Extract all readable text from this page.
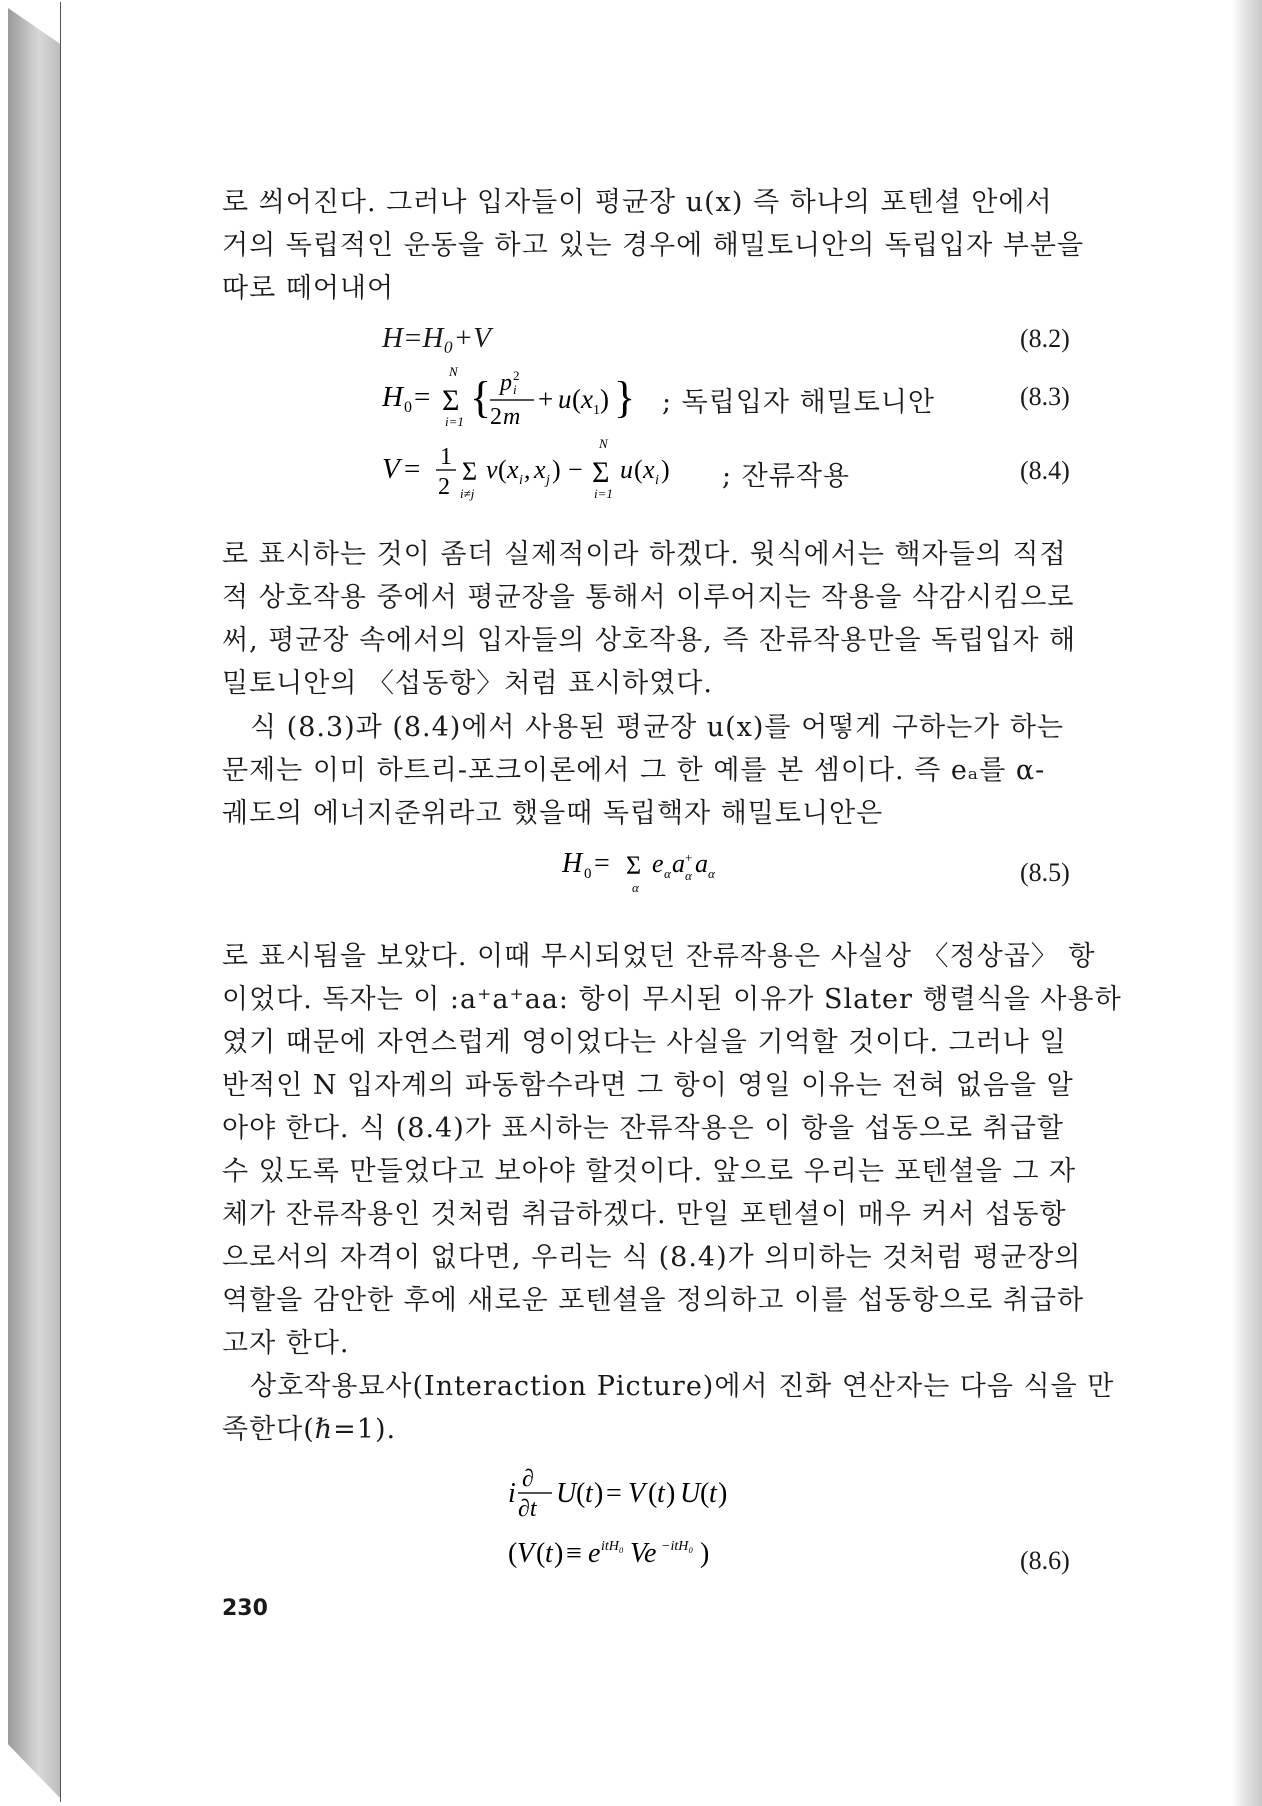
로 씌어진다. 그러나 입자들이 평균장 u(x) 즉 하나의 포텐셜 안에서
거의 독립적인 운동을 하고 있는 경우에 해밀토니안의 독립입자 부분을
따로 떼어내어
H=H₀+V	(8.2)
H 0 =
N
Σ
i=1 { p 2
i
2 m
+ u ( x 1 ) } ; 독립입자 해밀토니안	(8.3)
V = 1
2
Σ
i≠j
v ( x i , x j ) −
N
Σ
i=1
u ( x i ) ; 잔류작용	(8.4)
로 표시하는 것이 좀더 실제적이라 하겠다. 윗식에서는 핵자들의 직접
적 상호작용 중에서 평균장을 통해서 이루어지는 작용을 삭감시킴으로
써, 평균장 속에서의 입자들의 상호작용, 즉 잔류작용만을 독립입자 해
밀토니안의 〈섭동항〉처럼 표시하였다.
식 (8.3)과 (8.4)에서 사용된 평균장 u(x)를 어떻게 구하는가 하는
문제는 이미 하트리-포크이론에서 그 한 예를 본 셈이다. 즉 eₐ를 α-
궤도의 에너지준위라고 했을때 독립핵자 해밀토니안은
H 0 = Σ
α
e α a +
α a α	(8.5)
로 표시됨을 보았다. 이때 무시되었던 잔류작용은 사실상 〈정상곱〉 항
이었다. 독자는 이 :a⁺a⁺aa: 항이 무시된 이유가 Slater 행렬식을 사용하
였기 때문에 자연스럽게 영이었다는 사실을 기억할 것이다. 그러나 일
반적인 N 입자계의 파동함수라면 그 항이 영일 이유는 전혀 없음을 알
아야 한다. 식 (8.4)가 표시하는 잔류작용은 이 항을 섭동으로 취급할
수 있도록 만들었다고 보아야 할것이다. 앞으로 우리는 포텐셜을 그 자
체가 잔류작용인 것처럼 취급하겠다. 만일 포텐셜이 매우 커서 섭동항
으로서의 자격이 없다면, 우리는 식 (8.4)가 의미하는 것처럼 평균장의
역할을 감안한 후에 새로운 포텐셜을 정의하고 이를 섭동항으로 취급하
고자 한다.
상호작용묘사(Interaction Picture)에서 진화 연산자는 다음 식을 만
족한다(ℏ=1).
i ∂
∂t U ( t ) = V ( t ) U ( t )
( V ( t ) ≡ e itH₀ Ve −itH₀ )	(8.6)
230
